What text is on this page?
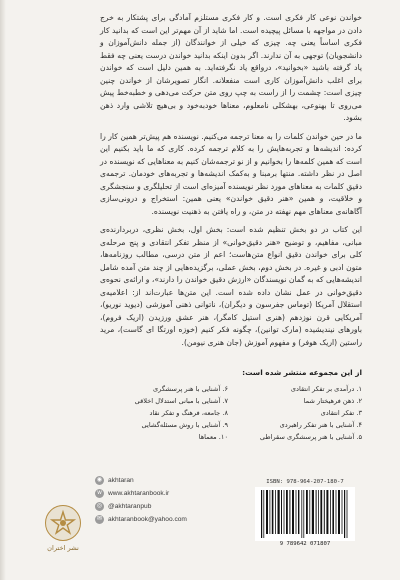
خواندن نوعی کار فکری است. و کار فکری مستلزم آمادگی برای پشتکار به خرج دادن در مواجهه با مسائل پیچیده است. اما شاید از آن مهم‌تر این است که بدانید کار فکری اساساً یعنی چه. چیزی که خیلی از خوانندگان (از جمله دانش‌آموزان و دانشجویان) توجهی به آن ندارند. اگر بدون اینکه بدانید خواندن درست یعنی چه فقط یاد گرفته باشید «بخوانید»، درواقع یاد نگرفته‌اید. به همین دلیل است که خواندن برای اغلب دانش‌آموزان کاری است منفعلانه. انگار تصویرشان از خواندن چنین چیزی است: چشمت را از راست به چپ روی متن حرکت می‌دهی و خطبه‌خط پیش می‌روی تا بهنوعی، بهشکلی نامعلوم، معناها خودبه‌خود و بی‌هیچ تلاشی وارد ذهن بشود.

ما در حین خواندن کلمات را به معنا ترجمه می‌کنیم. نویسنده هم پیش‌تر همین کار را کرده: اندیشه‌ها و تجربه‌هایش را به کلام ترجمه کرده. کاری که ما باید بکنیم این است که همین کلمه‌ها را بخوانیم و از نو ترجمه‌شان کنیم به معناهایی که نویسنده در اصل در نظر داشته. منتها برمبنا و به‌کمک اندیشه‌ها و تجربه‌های خودمان. ترجمه‌ی دقیق کلمات به معناهای مورد نظر نویسنده آمیزه‌ای است از تحلیلگری و سنجشگری و خلاقیت، و همین «هنر دقیق خواندن» یعنی همین: استخراج و درونی‌سازی آگاهانه‌ی معناهای مهم نهفته در متن، و راه یافتن به ذهنیت نویسنده.

این کتاب در دو بخش تنظیم شده است: بخش اول، بخش نظری، دربردارنده‌ی مبانی، مفاهیم، و توضیح «هنر دقیق‌خوانی» از منظر تفکر انتقادی و پنج مرحله‌ی کلی برای خواندن دقیق انواع متن‌هاست؛ اعم از متن درسی، مطالب روزنامه‌ها، متون ادبی و غیره. در بخش دوم، بخش عملی، برگزیده‌هایی از چند متن آمده شامل اندیشه‌هایی که به گمان نویسندگان «ارزش دقیق خواندن را دارند»، و ارائه‌ی نحوه‌ی دقیق‌خوانی در عمل نشان داده شده است. این متن‌ها عبارت‌اند از: اعلامیه‌ی استقلال آمریکا (توماس جفرسون و دیگران)، ناتوانی ذهنی آموزشی (دیوید نوریو)، آمریکایی قرن نوزدهم (هنری استیل کامگر)، هنر عشق ورزیدن (اریک فروم)، باورهای نیندیشیده (مارک توانین)، چگونه فکر کنیم (خوزه اورتگا ای گاست)، مرید راستین (اریک هوفر) و مفهوم آموزش (جان هنری نیومن).

از این مجموعه منتشر شده است:
۱. درآمدی بر تفکر انتقادی
۲. ذهن فرهیختار شما
۳. تفکر انتقادی
۴. آشنایی با هنر تفکر راهبردی
۵. آشنایی با هنر پرسشگری سقراطی
۶. آشنایی با هنر پرسشگری
۷. آشنایی با مبانی استدلال اخلاقی
۸. جامعه، فرهنگ و تفکر نقاد
۹. آشنایی با روش مسئله‌گشایی
۱۰. معماها
ISBN: 978-964-207-180-7
9 789642 071807
◉ akhtaran
w www.akhtaranbook.ir
◎ @akhtaranpub
✉ akhtaranbook@yahoo.com
نشر اختران
